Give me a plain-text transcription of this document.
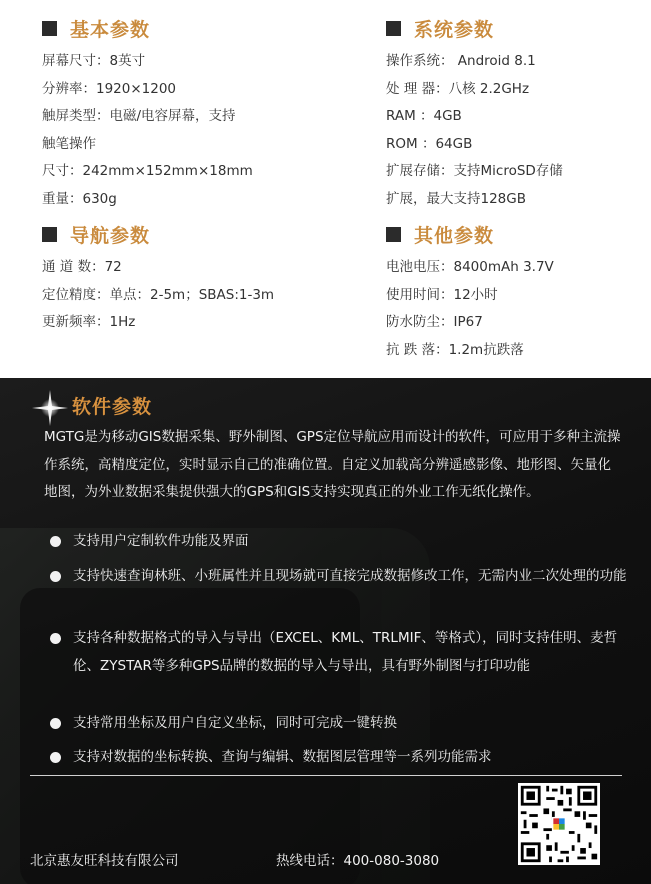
基本参数
屏幕尺寸：8英寸
分辨率：1920×1200
触屏类型：电磁/电容屏幕，支持
触笔操作
尺寸：242mm×152mm×18mm
重量：630g
导航参数
通 道 数：72
定位精度：单点：2-5m；SBAS:1-3m
更新频率：1Hz
系统参数
操作系统： Android 8.1
处 理 器：八核 2.2GHz
RAM ：4GB
ROM ：64GB
扩展存储：支持MicroSD存储
扩展，最大支持128GB
其他参数
电池电压：8400mAh 3.7V
使用时间：12小时
防水防尘：IP67
抗 跌 落：1.2m抗跌落
软件参数
MGTG是为移动GIS数据采集、野外制图、GPS定位导航应用而设计的软件，可应用于多种主流操作系统，高精度定位，实时显示自己的准确位置。自定义加载高分辨遥感影像、地形图、矢量化地图，为外业数据采集提供强大的GPS和GIS支持实现真正的外业工作无纸化操作。
支持用户定制软件功能及界面
支持快速查询林班、小班属性并且现场就可直接完成数据修改工作，无需内业二次处理的功能
支持各种数据格式的导入与导出（EXCEL、KML、TRLMIF、等格式），同时支持佳明、麦哲伦、ZYSTAR等多种GPS品牌的数据的导入与导出，具有野外制图与打印功能
支持常用坐标及用户自定义坐标，同时可完成一键转换
支持对数据的坐标转换、查询与编辑、数据图层管理等一系列功能需求
北京惠友旺科技有限公司	热线电话：400-080-3080
